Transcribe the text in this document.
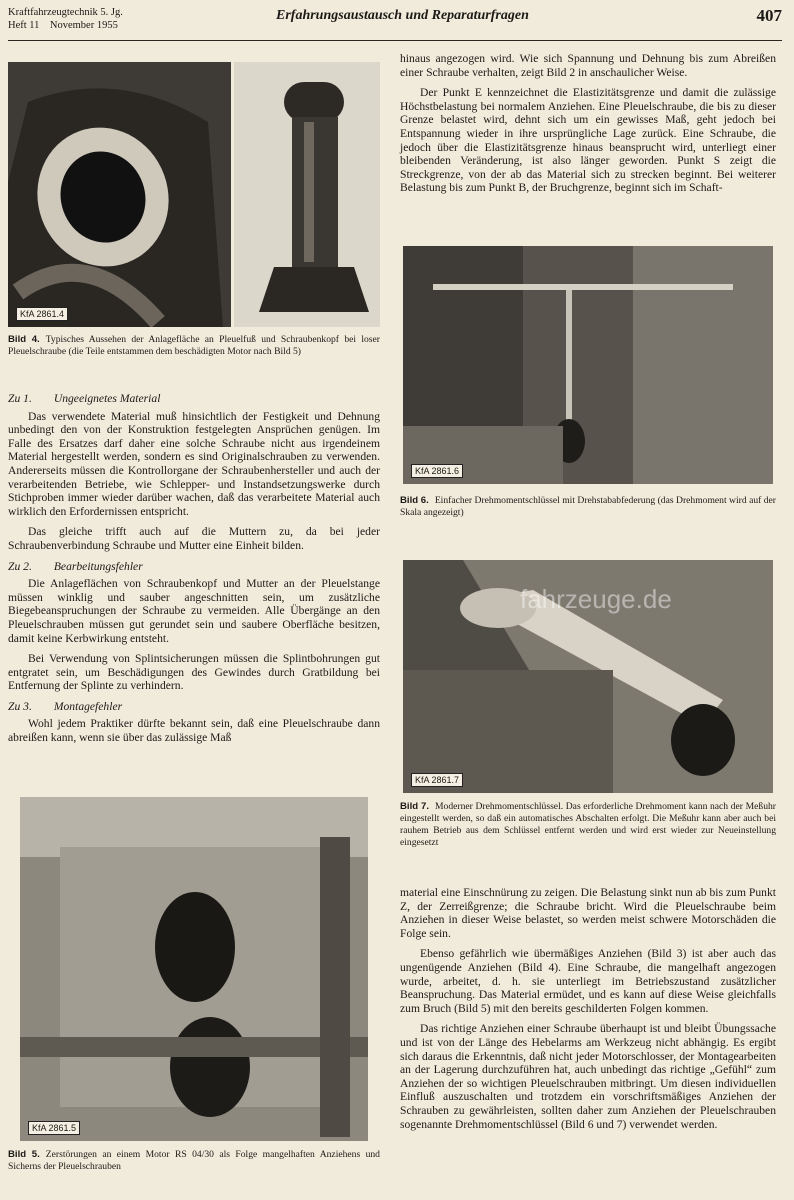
Kraftfahrzeugtechnik 5. Jg.
Heft 11    November 1955
Erfahrungsaustausch und Reparaturfragen	407
KfA 2861.4
Bild 4. Typisches Aussehen der Anlagefläche an Pleuelfuß und Schraubenkopf bei loser Pleuelschraube (die Teile entstammen dem beschädigten Motor nach Bild 5)
Zu 1. Ungeeignetes Material

Das verwendete Material muß hinsichtlich der Festigkeit und Dehnung unbedingt den von der Konstruktion festgelegten Ansprüchen genügen. Im Falle des Ersatzes darf daher eine solche Schraube nicht aus irgendeinem Material hergestellt werden, sondern es sind Originalschrauben zu verwenden. Andererseits müssen die Kontrollorgane der Schraubenhersteller und auch der verarbeitenden Betriebe, wie Schlepper- und Instandsetzungswerke durch Stichproben immer wieder darüber wachen, daß das verarbeitete Material auch wirklich den Erfordernissen entspricht.

Das gleiche trifft auch auf die Muttern zu, da bei jeder Schraubenverbindung Schraube und Mutter eine Einheit bilden.

Zu 2. Bearbeitungsfehler

Die Anlageflächen von Schraubenkopf und Mutter an der Pleuelstange müssen winklig und sauber angeschnitten sein, um zusätzliche Biegebeanspruchungen der Schraube zu vermeiden. Alle Übergänge an den Pleuelschrauben müssen gut gerundet sein und saubere Oberfläche besitzen, damit keine Kerbwirkung entsteht.

Bei Verwendung von Splintsicherungen müssen die Splintbohrungen gut entgratet sein, um Beschädigungen des Gewindes durch Gratbildung bei Entfernung der Splinte zu verhindern.

Zu 3. Montagefehler

Wohl jedem Praktiker dürfte bekannt sein, daß eine Pleuelschraube dann abreißen kann, wenn sie über das zulässige Maß

KfA 2861.5
Bild 5. Zerstörungen an einem Motor RS 04/30 als Folge mangelhaften Anziehens und Sicherns der Pleuelschrauben

hinaus angezogen wird. Wie sich Spannung und Dehnung bis zum Abreißen einer Schraube verhalten, zeigt Bild 2 in anschaulicher Weise.

Der Punkt E kennzeichnet die Elastizitätsgrenze und damit die zulässige Höchstbelastung bei normalem Anziehen. Eine Pleuelschraube, die bis zu dieser Grenze belastet wird, dehnt sich um ein gewisses Maß, geht jedoch bei Entspannung wieder in ihre ursprüngliche Lage zurück. Eine Schraube, die jedoch über die Elastizitätsgrenze hinaus beansprucht wird, unterliegt einer bleibenden Veränderung, ist also länger geworden. Punkt S zeigt die Streckgrenze, von der ab das Material sich zu strecken beginnt. Bei weiterer Belastung bis zum Punkt B, der Bruchgrenze, beginnt sich im Schaft-

KfA 2861.6
Bild 6. Einfacher Drehmomentschlüssel mit Drehstababfederung (das Drehmoment wird auf der Skala angezeigt)
KfA 2861.7
Bild 7. Moderner Drehmomentschlüssel. Das erforderliche Drehmoment kann nach der Meßuhr eingestellt werden, so daß ein automatisches Abschalten erfolgt. Die Meßuhr kann aber auch bei rauhem Betrieb aus dem Schlüssel entfernt werden und wird erst wieder zur Neueinstellung eingesetzt

material eine Einschnürung zu zeigen. Die Belastung sinkt nun ab bis zum Punkt Z, der Zerreißgrenze; die Schraube bricht. Wird die Pleuelschraube beim Anziehen in dieser Weise belastet, so werden meist schwere Motorschäden die Folge sein.

Ebenso gefährlich wie übermäßiges Anziehen (Bild 3) ist aber auch das ungenügende Anziehen (Bild 4). Eine Schraube, die mangelhaft angezogen wurde, arbeitet, d. h. sie unterliegt im Betriebszustand zusätzlicher Beanspruchung. Das Material ermüdet, und es kann auf diese Weise gleichfalls zum Bruch (Bild 5) mit den bereits geschilderten Folgen kommen.

Das richtige Anziehen einer Schraube überhaupt ist und bleibt Übungssache und ist von der Länge des Hebelarms am Werkzeug nicht abhängig. Es ergibt sich daraus die Erkenntnis, daß nicht jeder Motorschlosser, der Montagearbeiten an der Lagerung durchzuführen hat, auch unbedingt das richtige „Gefühl“ zum Anziehen der so wichtigen Pleuelschrauben mitbringt. Um diesen individuellen Einfluß auszuschalten und trotzdem ein vorschriftsmäßiges Anziehen der Schrauben zu gewährleisten, sollten daher zum Anziehen der Pleuelschrauben sogenannte Drehmomentschlüssel (Bild 6 und 7) verwendet werden.

fahrzeuge.de
